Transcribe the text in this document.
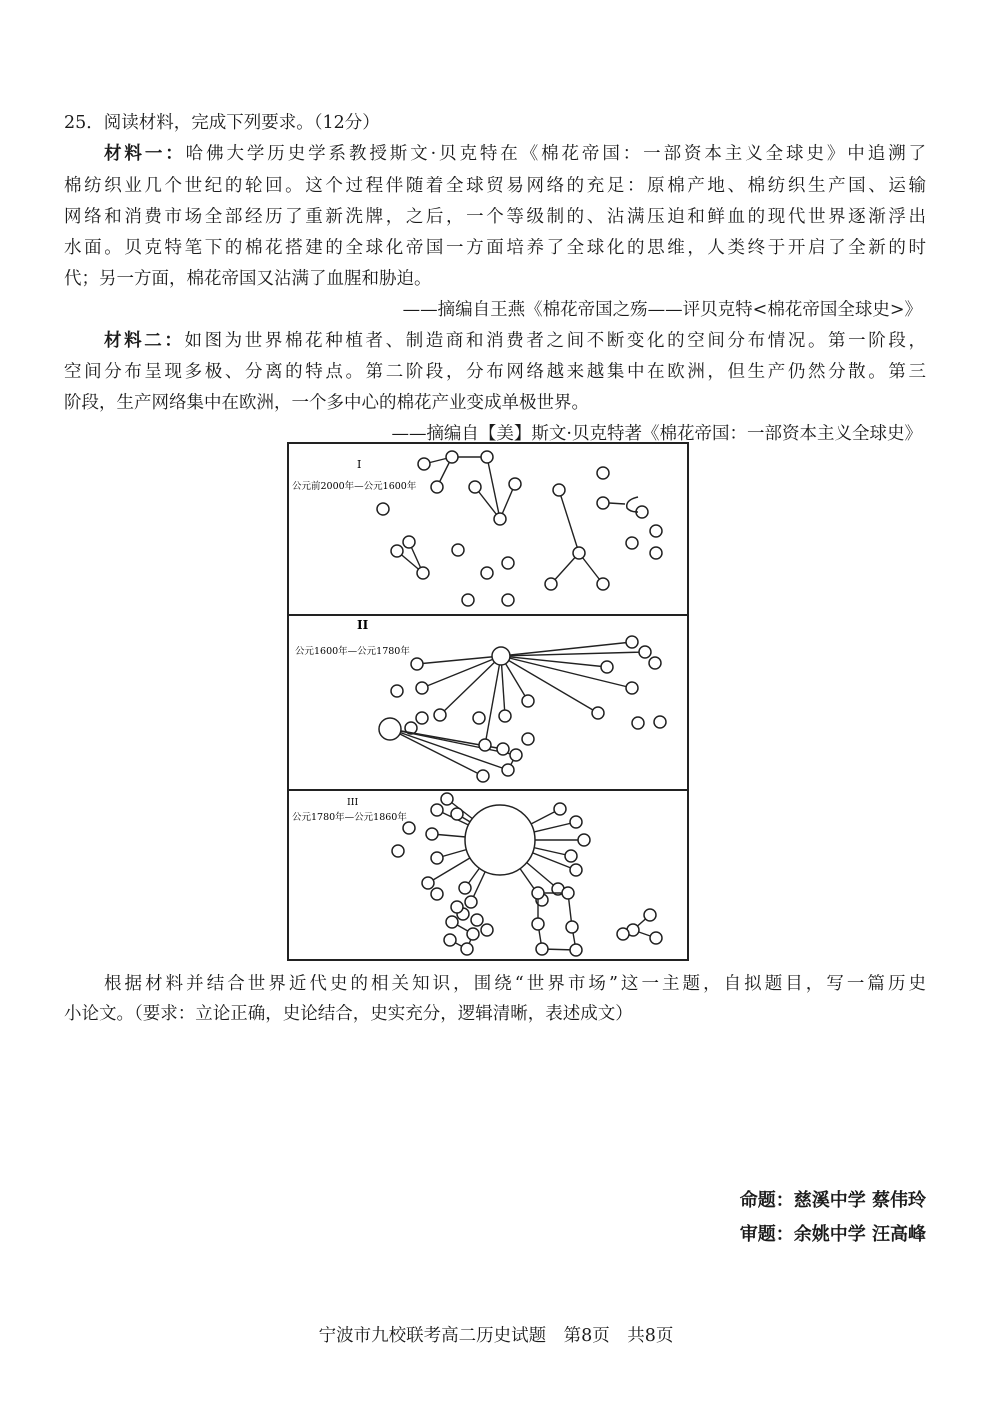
25．阅读材料，完成下列要求。（12分）
材料一：哈佛大学历史学系教授斯文·贝克特在《棉花帝国：一部资本主义全球史》中追溯了
棉纺织业几个世纪的轮回。这个过程伴随着全球贸易网络的充足：原棉产地、棉纺织生产国、运输
网络和消费市场全部经历了重新洗牌，之后，一个等级制的、沾满压迫和鲜血的现代世界逐渐浮出
水面。贝克特笔下的棉花搭建的全球化帝国一方面培养了全球化的思维，人类终于开启了全新的时
代；另一方面，棉花帝国又沾满了血腥和胁迫。
——摘编自王燕《棉花帝国之殇——评贝克特<棉花帝国全球史>》
材料二：如图为世界棉花种植者、制造商和消费者之间不断变化的空间分布情况。第一阶段，
空间分布呈现多极、分离的特点。第二阶段，分布网络越来越集中在欧洲，但生产仍然分散。第三
阶段，生产网络集中在欧洲，一个多中心的棉花产业变成单极世界。
——摘编自【美】斯文·贝克特著《棉花帝国：一部资本主义全球史》
I
公元前2000年—公元1600年
II
公元1600年—公元1780年
III
公元1780年—公元1860年
根据材料并结合世界近代史的相关知识，围绕“世界市场”这一主题，自拟题目，写一篇历史
小论文。（要求：立论正确，史论结合，史实充分，逻辑清晰，表述成文）
命题：慈溪中学 蔡伟玲
审题：余姚中学 汪高峰
宁波市九校联考高二历史试题　第8页　共8页
